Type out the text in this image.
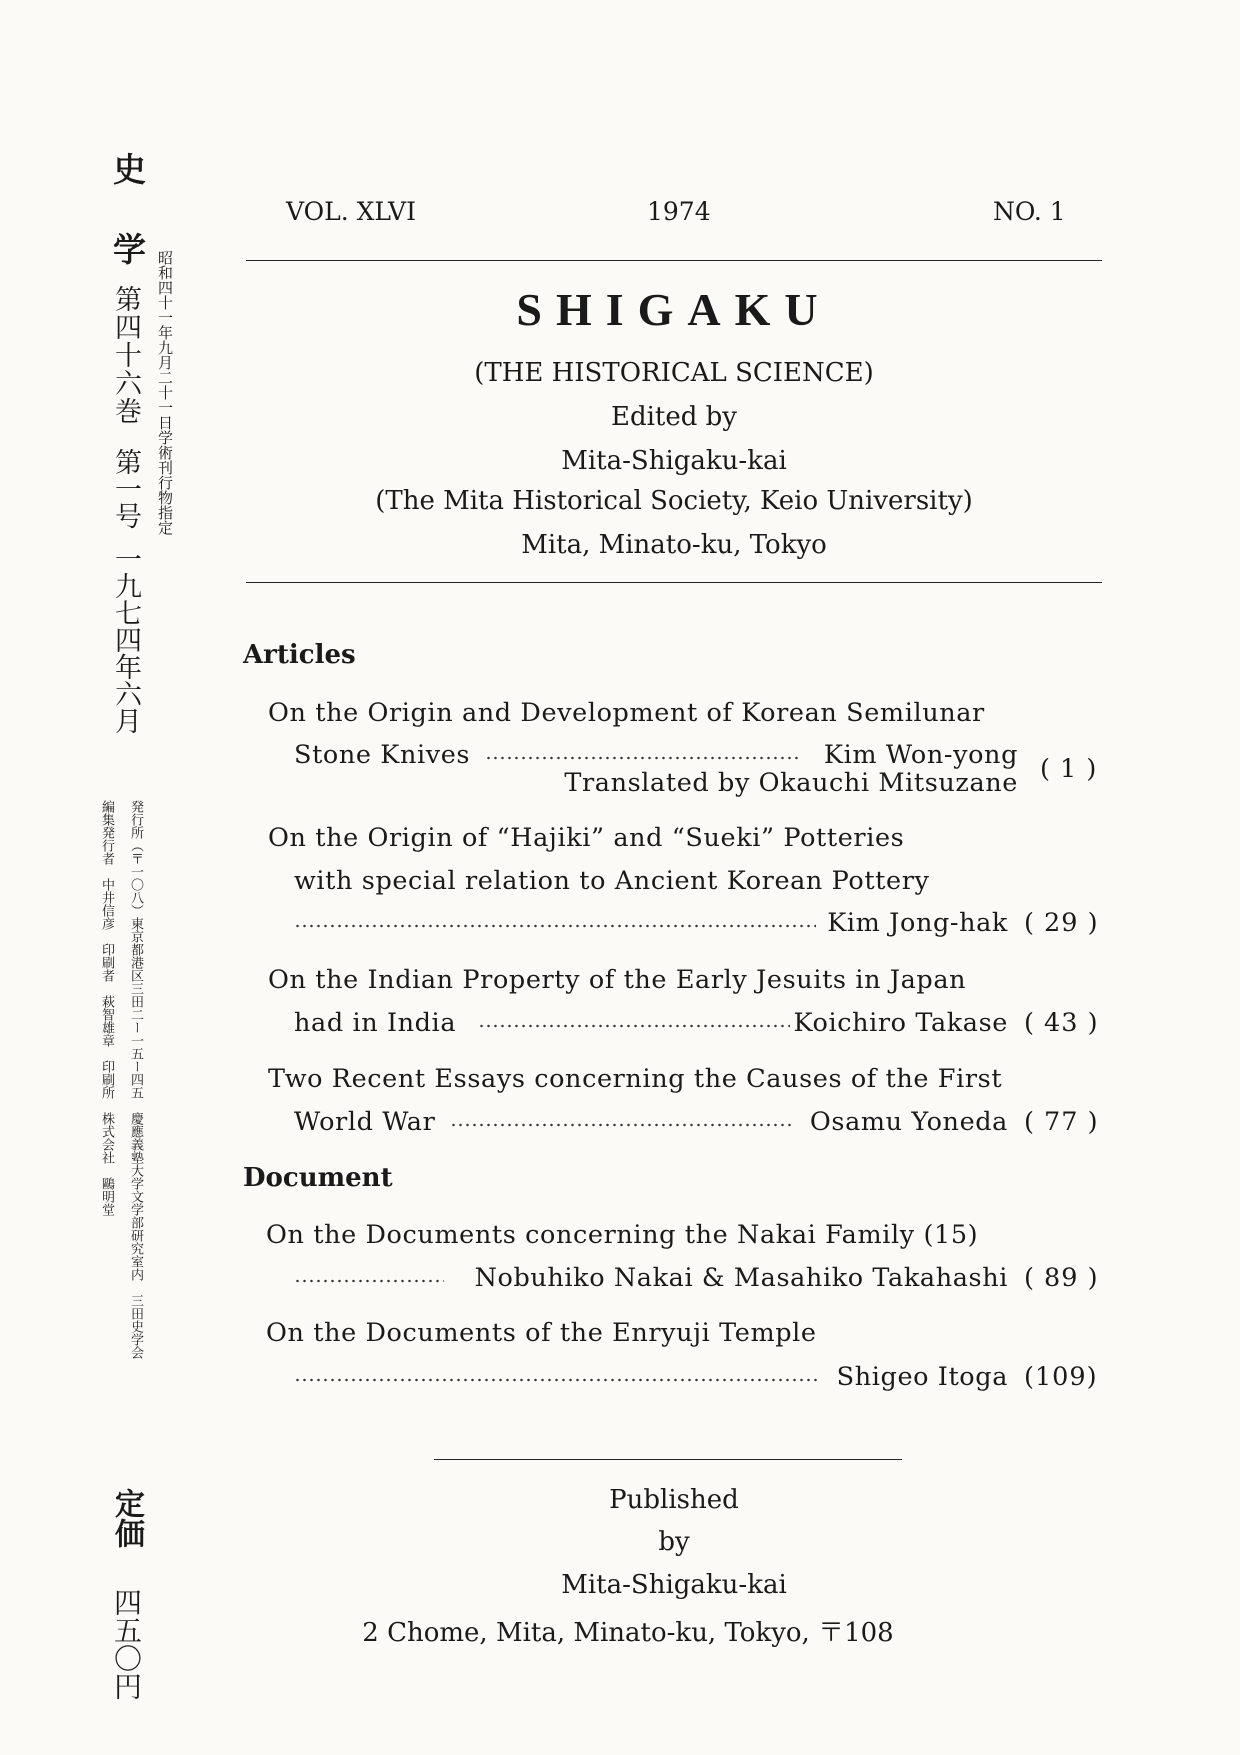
史
学
第四十六巻
第一号
一九七四年六月
昭和四十一年九月二十一日学術刊行物指定
発行所（〒一〇八）東京都港区三田二ー一五ー四五　慶應義塾大学文学部研究室内　三田史学会
編集発行者　中井信彦　印刷者　萩智雄章　印刷所　株式会社　鷗明堂
定価
四五〇円
VOL. XLVI	1974	NO. 1
SHIGAKU
(THE HISTORICAL SCIENCE)
Edited by
Mita-Shigaku-kai
(The Mita Historical Society, Keio University)
Mita, Minato-ku, Tokyo
Articles
On the Origin and Development of Korean Semilunar
Stone Knives	Kim Won-yong
Translated by Okauchi Mitsuzane ( 1 )
On the Origin of “Hajiki” and “Sueki” Potteries
with special relation to Ancient Korean Pottery
Kim Jong-hak ( 29 )
On the Indian Property of the Early Jesuits in Japan
had in India	Koichiro Takase ( 43 )
Two Recent Essays concerning the Causes of the First
World War	Osamu Yoneda ( 77 )
Document
On the Documents concerning the Nakai Family (15)
Nobuhiko Nakai & Masahiko Takahashi ( 89 )
On the Documents of the Enryuji Temple
Shigeo Itoga (109)
Published
by
Mita-Shigaku-kai
2 Chome, Mita, Minato-ku, Tokyo, 〒108
